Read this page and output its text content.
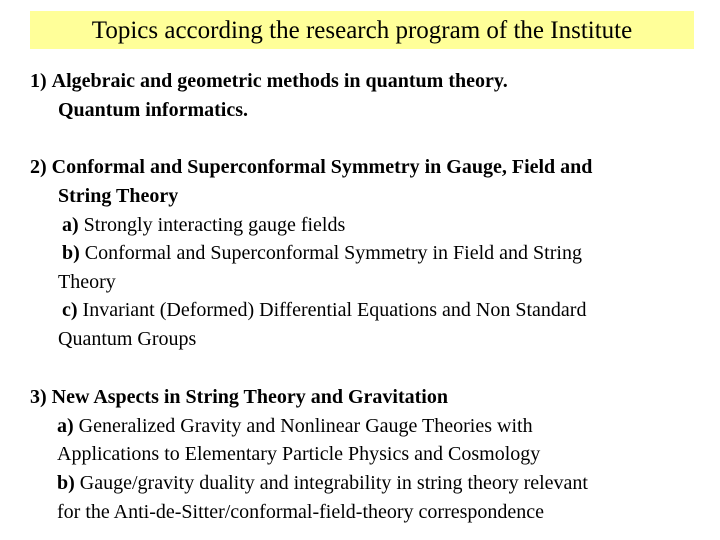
Topics according the research program of the Institute
1) Algebraic and geometric methods in quantum theory.
Quantum informatics.
2) Conformal and Superconformal Symmetry in Gauge, Field and
String Theory
a) Strongly interacting gauge fields
b) Conformal and Superconformal Symmetry in Field and String
Theory
c) Invariant (Deformed) Differential Equations and Non Standard
Quantum Groups
3) New Aspects in String Theory and Gravitation
a) Generalized Gravity and Nonlinear Gauge Theories with
Applications to Elementary Particle Physics and Cosmology
b) Gauge/gravity duality and integrability in string theory relevant
for the Anti-de-Sitter/conformal-field-theory correspondence
